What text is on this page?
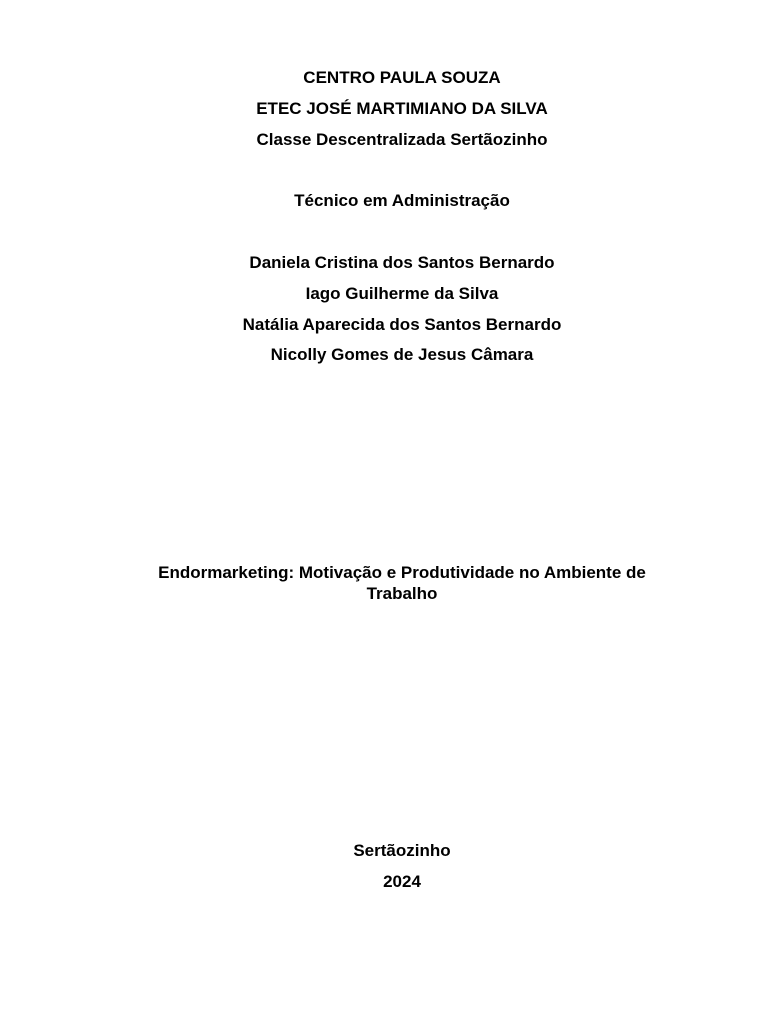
CENTRO PAULA SOUZA
ETEC JOSÉ MARTIMIANO DA SILVA
Classe Descentralizada Sertãozinho
Técnico em Administração
Daniela Cristina dos Santos Bernardo
Iago Guilherme da Silva
Natália Aparecida dos Santos Bernardo
Nicolly Gomes de Jesus Câmara
Endormarketing: Motivação e Produtividade no Ambiente de Trabalho
Sertãozinho
2024
